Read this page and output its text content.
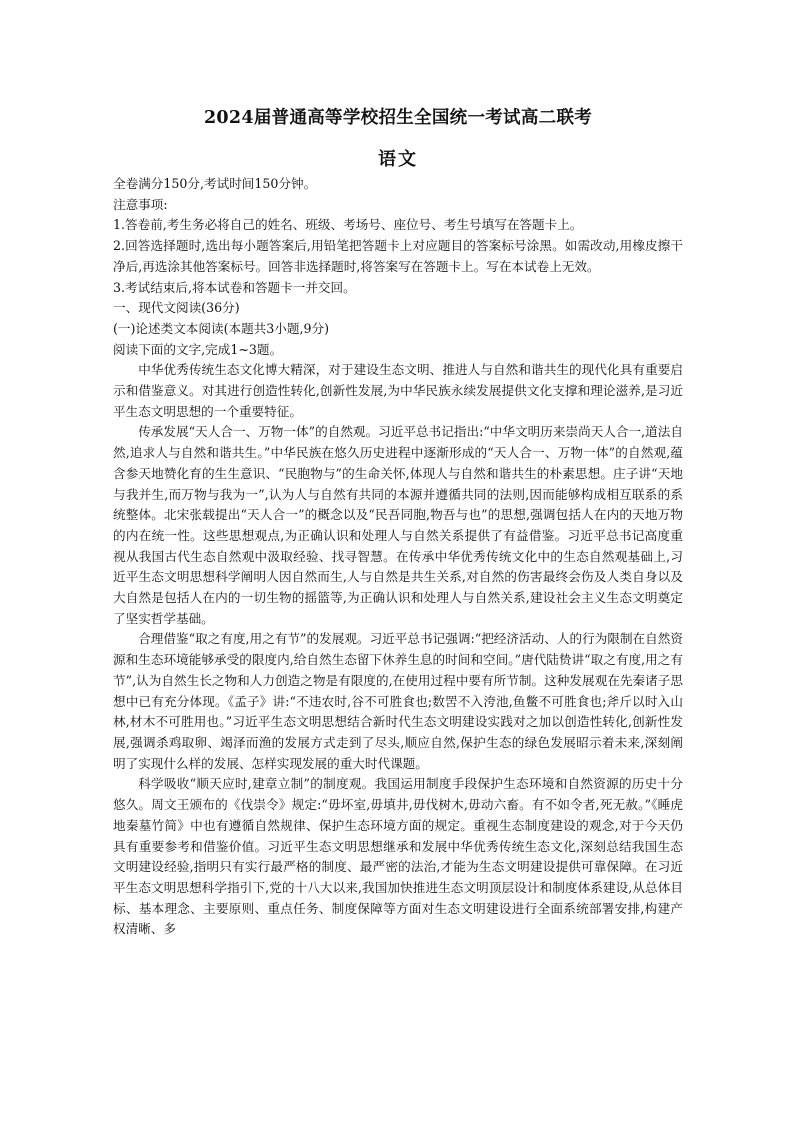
2024届普通高等学校招生全国统一考试高二联考
语文

全卷满分150分,考试时间150分钟。

注意事项:

1.答卷前,考生务必将自己的姓名、班级、考场号、座位号、考生号填写在答题卡上。

2.回答选择题时,选出每小题答案后,用铅笔把答题卡上对应题目的答案标号涂黑。如需改动,用橡皮擦干净后,再选涂其他答案标号。回答非选择题时,将答案写在答题卡上。写在本试卷上无效。

3.考试结束后,将本试卷和答题卡一并交回。

一、现代文阅读(36分)

(一)论述类文本阅读(本题共3小题,9分)

阅读下面的文字,完成1~3题。

中华优秀传统生态文化博大精深，对于建设生态文明、推进人与自然和谐共生的现代化具有重要启示和借鉴意义。对其进行创造性转化,创新性发展,为中华民族永续发展提供文化支撑和理论滋养,是习近平生态文明思想的一个重要特征。

传承发展“天人合一、万物一体”的自然观。习近平总书记指出:“中华文明历来崇尚天人合一,道法自然,追求人与自然和谐共生。”中华民族在悠久历史进程中逐渐形成的“天人合一、万物一体”的自然观,蕴含参天地赞化育的生生意识、“民胞物与”的生命关怀,体现人与自然和谐共生的朴素思想。庄子讲“天地与我并生,而万物与我为一”,认为人与自然有共同的本源并遵循共同的法则,因而能够构成相互联系的系统整体。北宋张载提出“天人合一”的概念以及“民吾同胞,物吾与也”的思想,强调包括人在内的天地万物的内在统一性。这些思想观点,为正确认识和处理人与自然关系提供了有益借鉴。习近平总书记高度重视从我国古代生态自然观中汲取经验、找寻智慧。在传承中华优秀传统文化中的生态自然观基础上,习近平生态文明思想科学阐明人因自然而生,人与自然是共生关系,对自然的伤害最终会伤及人类自身以及大自然是包括人在内的一切生物的摇篮等,为正确认识和处理人与自然关系,建设社会主义生态文明奠定了坚实哲学基础。

合理借鉴“取之有度,用之有节”的发展观。习近平总书记强调:“把经济活动、人的行为限制在自然资源和生态环境能够承受的限度内,给自然生态留下休养生息的时间和空间。”唐代陆贽讲“取之有度,用之有节”,认为自然生长之物和人力创造之物是有限度的,在使用过程中要有所节制。这种发展观在先秦诸子思想中已有充分体现。《孟子》讲:“不违农时,谷不可胜食也;数罟不入洿池,鱼鳖不可胜食也;斧斤以时入山林,材木不可胜用也。”习近平生态文明思想结合新时代生态文明建设实践对之加以创造性转化,创新性发展,强调杀鸡取卵、竭泽而渔的发展方式走到了尽头,顺应自然,保护生态的绿色发展昭示着未来,深刻阐明了实现什么样的发展、怎样实现发展的重大时代课题。

科学吸收“顺天应时,建章立制”的制度观。我国运用制度手段保护生态环境和自然资源的历史十分悠久。周文王颁布的《伐崇令》规定:“毋坏室,毋填井,毋伐树木,毋动六畜。有不如令者,死无赦。”《睡虎地秦墓竹简》中也有遵循自然规律、保护生态环境方面的规定。重视生态制度建设的观念,对于今天仍具有重要参考和借鉴价值。习近平生态文明思想继承和发展中华优秀传统生态文化,深刻总结我国生态文明建设经验,指明只有实行最严格的制度、最严密的法治,才能为生态文明建设提供可靠保障。在习近平生态文明思想科学指引下,党的十八大以来,我国加快推进生态文明顶层设计和制度体系建设,从总体目标、基本理念、主要原则、重点任务、制度保障等方面对生态文明建设进行全面系统部署安排,构建产权清晰、多
